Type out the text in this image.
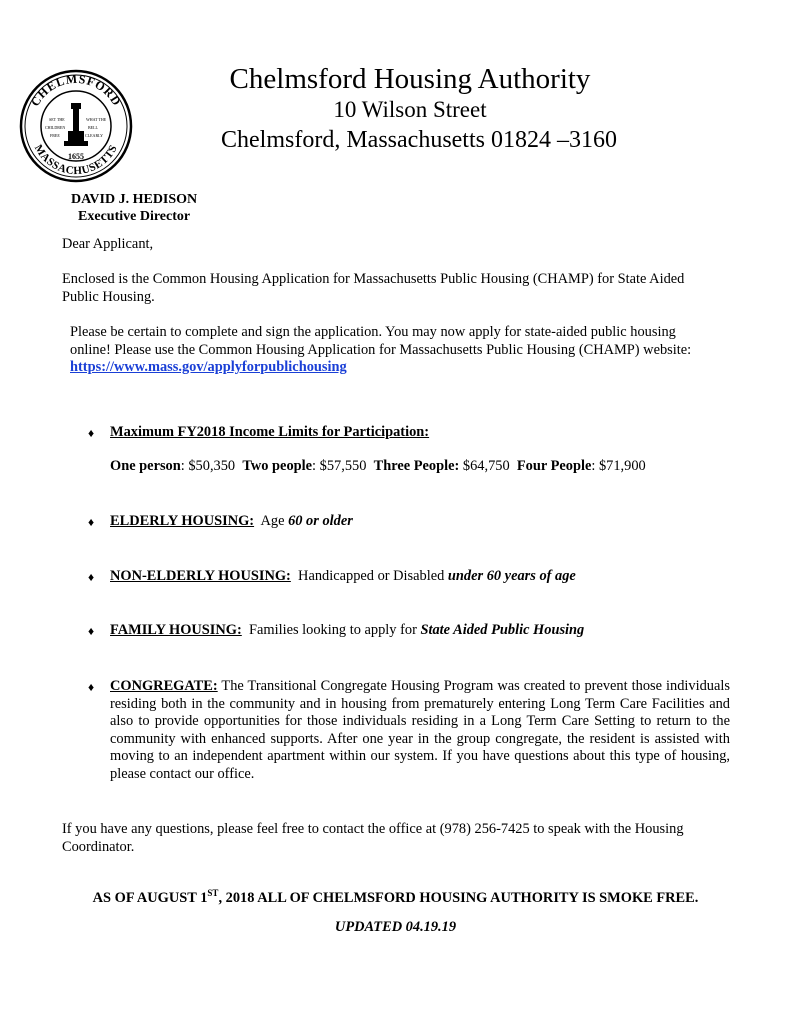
CHELMSFORD
MASSACHUSETTS
SET THE
CHILDREN
FREE
WHAT THE
BELL
CLEARLY
1655
Chelmsford Housing Authority
10 Wilson Street
Chelmsford, Massachusetts 01824 –3160
DAVID J. HEDISON
Executive Director
Dear Applicant,
Enclosed is the Common Housing Application for Massachusetts Public Housing (CHAMP) for State Aided Public Housing.
Please be certain to complete and sign the application. You may now apply for state-aided public housing online! Please use the Common Housing Application for Massachusetts Public Housing (CHAMP) website: https://www.mass.gov/applyforpublichousing
♦ Maximum FY2018 Income Limits for Participation:
One person: $50,350 Two people: $57,550 Three People: $64,750 Four People: $71,900
♦ ELDERLY HOUSING:  Age 60 or older
♦ NON-ELDERLY HOUSING:  Handicapped or Disabled under 60 years of age
♦ FAMILY HOUSING:  Families looking to apply for State Aided Public Housing
♦ CONGREGATE: The Transitional Congregate Housing Program was created to prevent those individuals residing both in the community and in housing from prematurely entering Long Term Care Facilities and also to provide opportunities for those individuals residing in a Long Term Care Setting to return to the community with enhanced supports. After one year in the group congregate, the resident is assisted with moving to an independent apartment within our system. If you have questions about this type of housing, please contact our office.
If you have any questions, please feel free to contact the office at (978) 256-7425 to speak with the Housing Coordinator.
AS OF AUGUST 1ST, 2018 ALL OF CHELMSFORD HOUSING AUTHORITY IS SMOKE FREE.
UPDATED 04.19.19
